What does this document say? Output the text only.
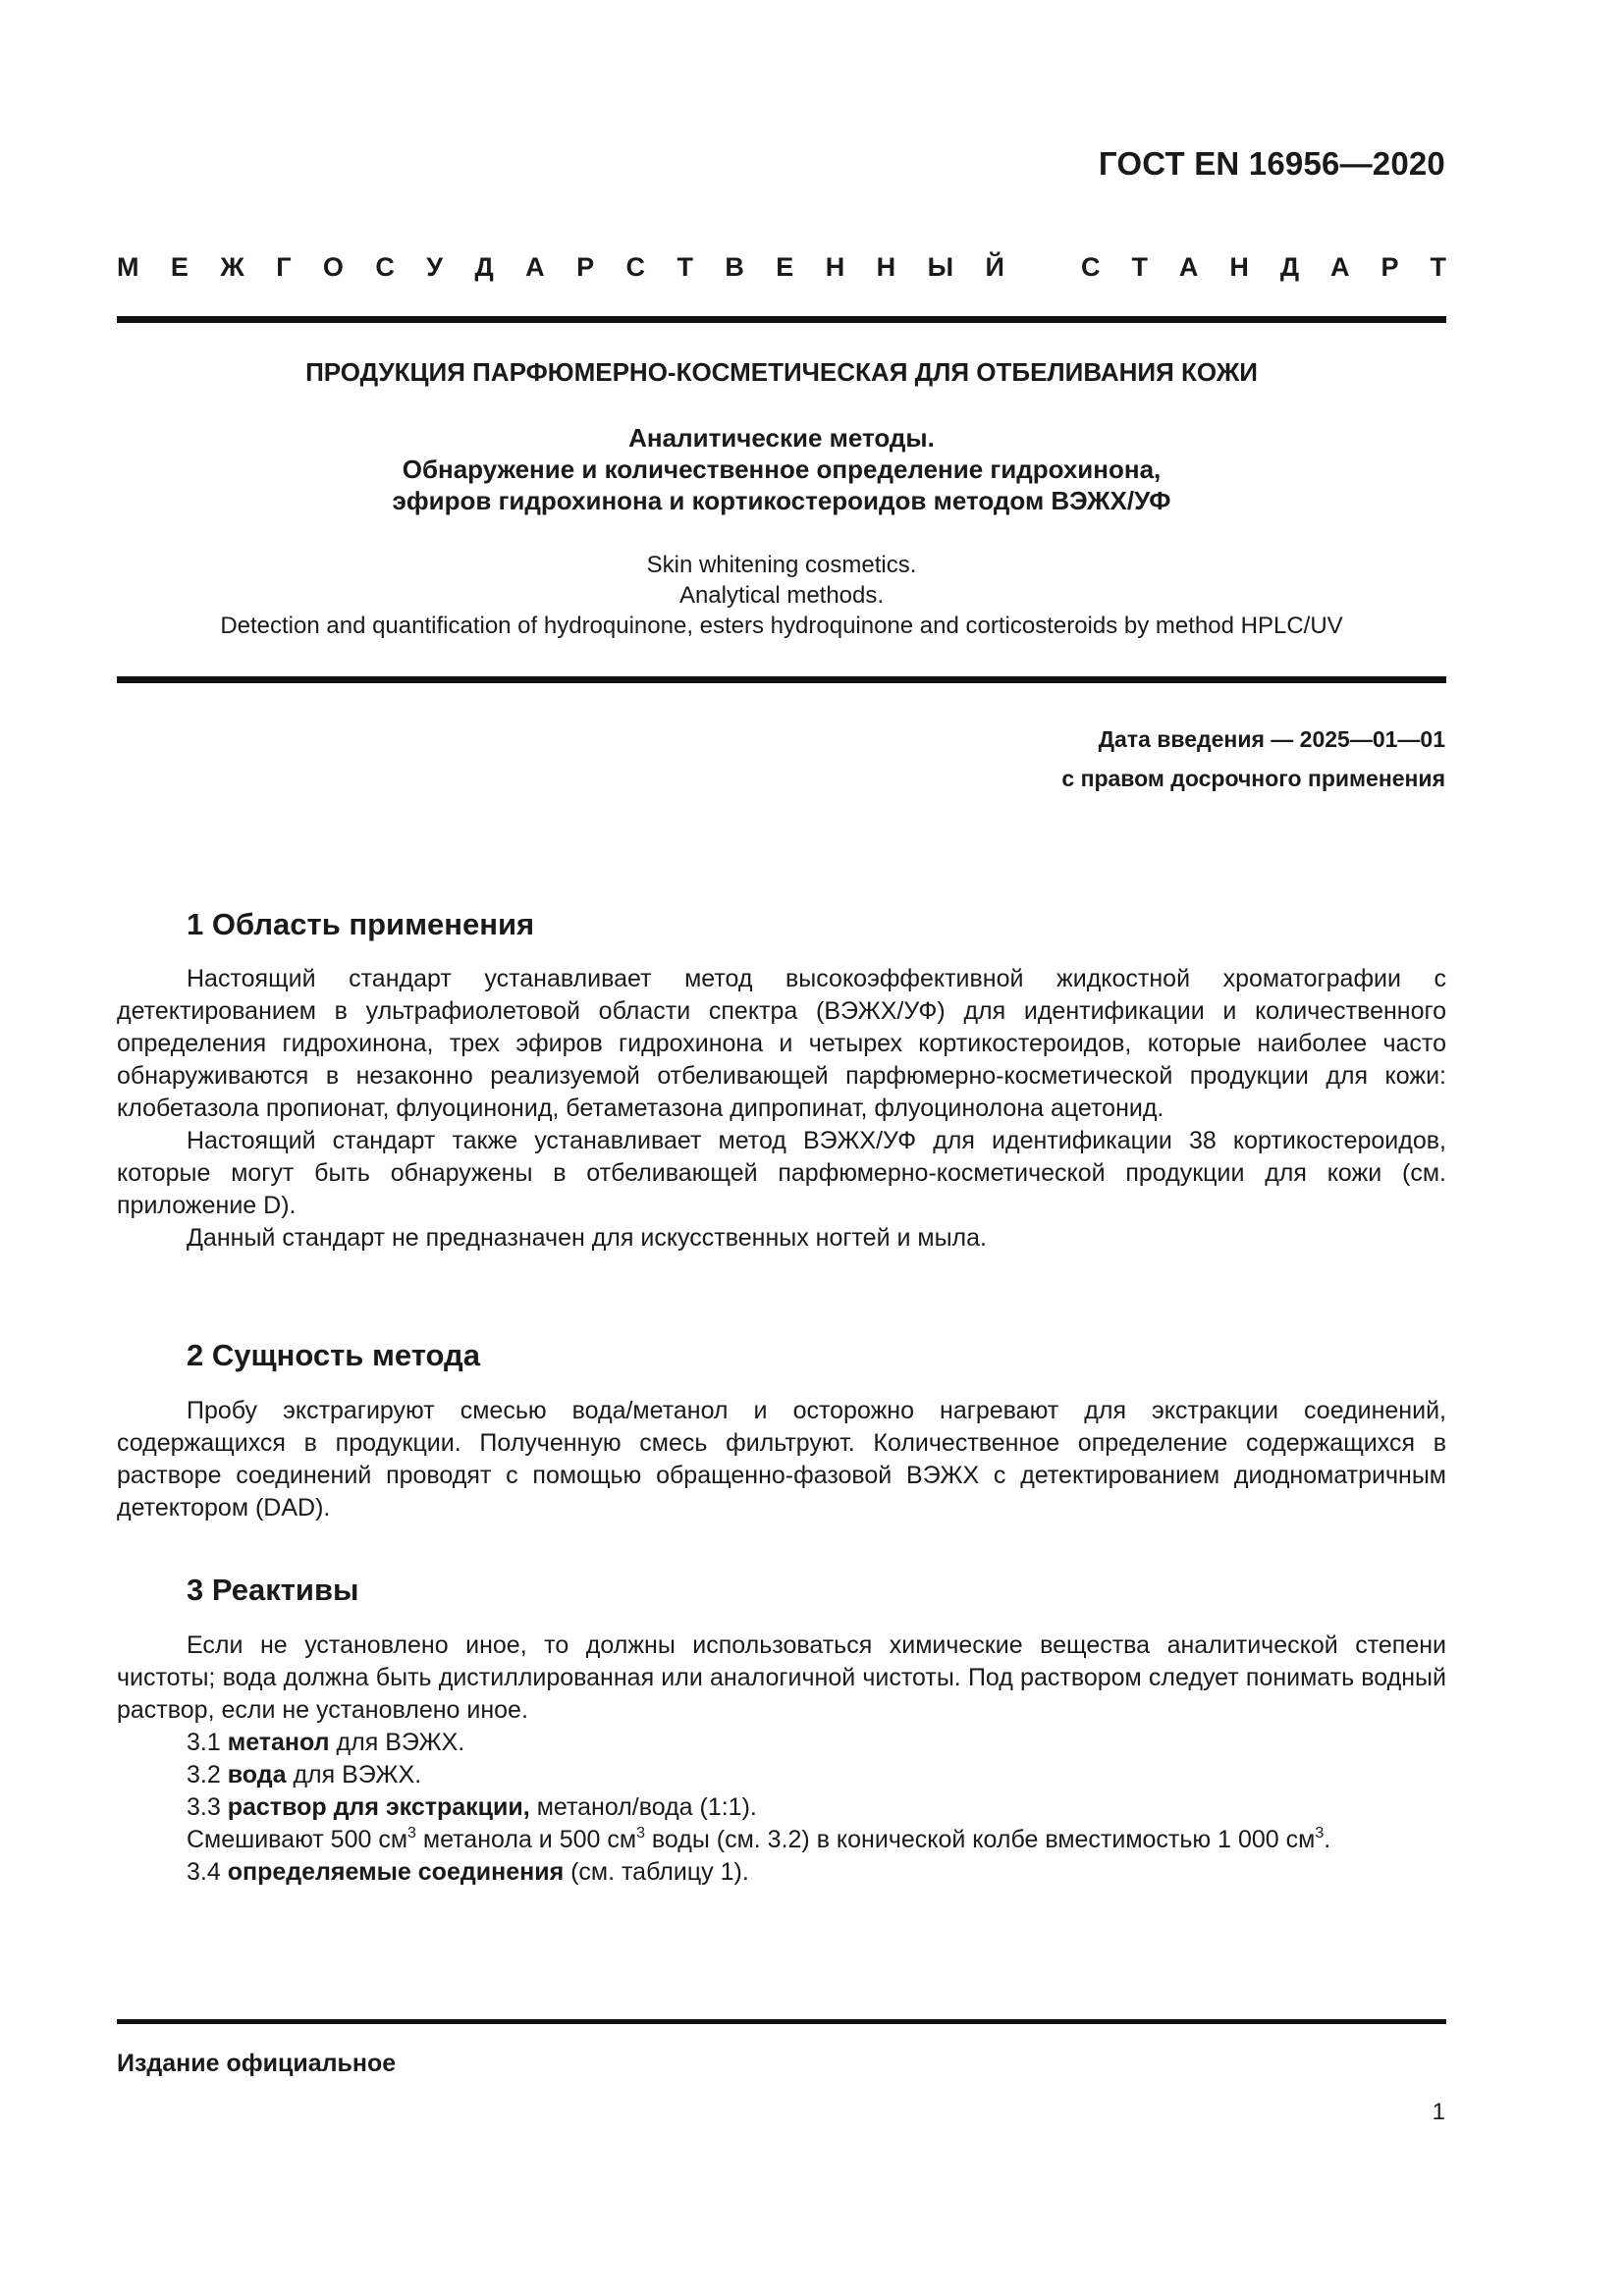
ГОСТ EN 16956—2020
М Е Ж Г О С У Д А Р С Т В Е Н Н Ы Й	С Т А Н Д А Р Т
ПРОДУКЦИЯ ПАРФЮМЕРНО-КОСМЕТИЧЕСКАЯ ДЛЯ ОТБЕЛИВАНИЯ КОЖИ
Аналитические методы.
Обнаружение и количественное определение гидрохинона,
эфиров гидрохинона и кортикостероидов методом ВЭЖХ/УФ
Skin whitening cosmetics.
Analytical methods.
Detection and quantification of hydroquinone, esters hydroquinone and corticosteroids by method HPLC/UV
Дата введения — 2025—01—01
с правом досрочного применения
1 Область применения

Настоящий стандарт устанавливает метод высокоэффективной жидкостной хроматографии с детектированием в ультрафиолетовой области спектра (ВЭЖХ/УФ) для идентификации и количественного определения гидрохинона, трех эфиров гидрохинона и четырех кортикостероидов, которые наиболее часто обнаруживаются в незаконно реализуемой отбеливающей парфюмерно-косметической продукции для кожи: клобетазола пропионат, флуоцинонид, бетаметазона дипропинат, флуоцинолона ацетонид.

Настоящий стандарт также устанавливает метод ВЭЖХ/УФ для идентификации 38 кортикостероидов, которые могут быть обнаружены в отбеливающей парфюмерно-косметической продукции для кожи (см. приложение D).

Данный стандарт не предназначен для искусственных ногтей и мыла.

2 Сущность метода

Пробу экстрагируют смесью вода/метанол и осторожно нагревают для экстракции соединений, содержащихся в продукции. Полученную смесь фильтруют. Количественное определение содержащихся в растворе соединений проводят с помощью обращенно-фазовой ВЭЖХ с детектированием диодноматричным детектором (DAD).

3 Реактивы

Если не установлено иное, то должны использоваться химические вещества аналитической степени чистоты; вода должна быть дистиллированная или аналогичной чистоты. Под раствором следует понимать водный раствор, если не установлено иное.

3.1 метанол для ВЭЖХ.
3.2 вода для ВЭЖХ.
3.3 раствор для экстракции, метанол/вода (1:1).
Смешивают 500 $см^3$ метанола и 500 $см^3$ воды (см. 3.2) в конической колбе вместимостью 1 000 $см^3$.
3.4 определяемые соединения (см. таблицу 1).
Издание официальное
1
